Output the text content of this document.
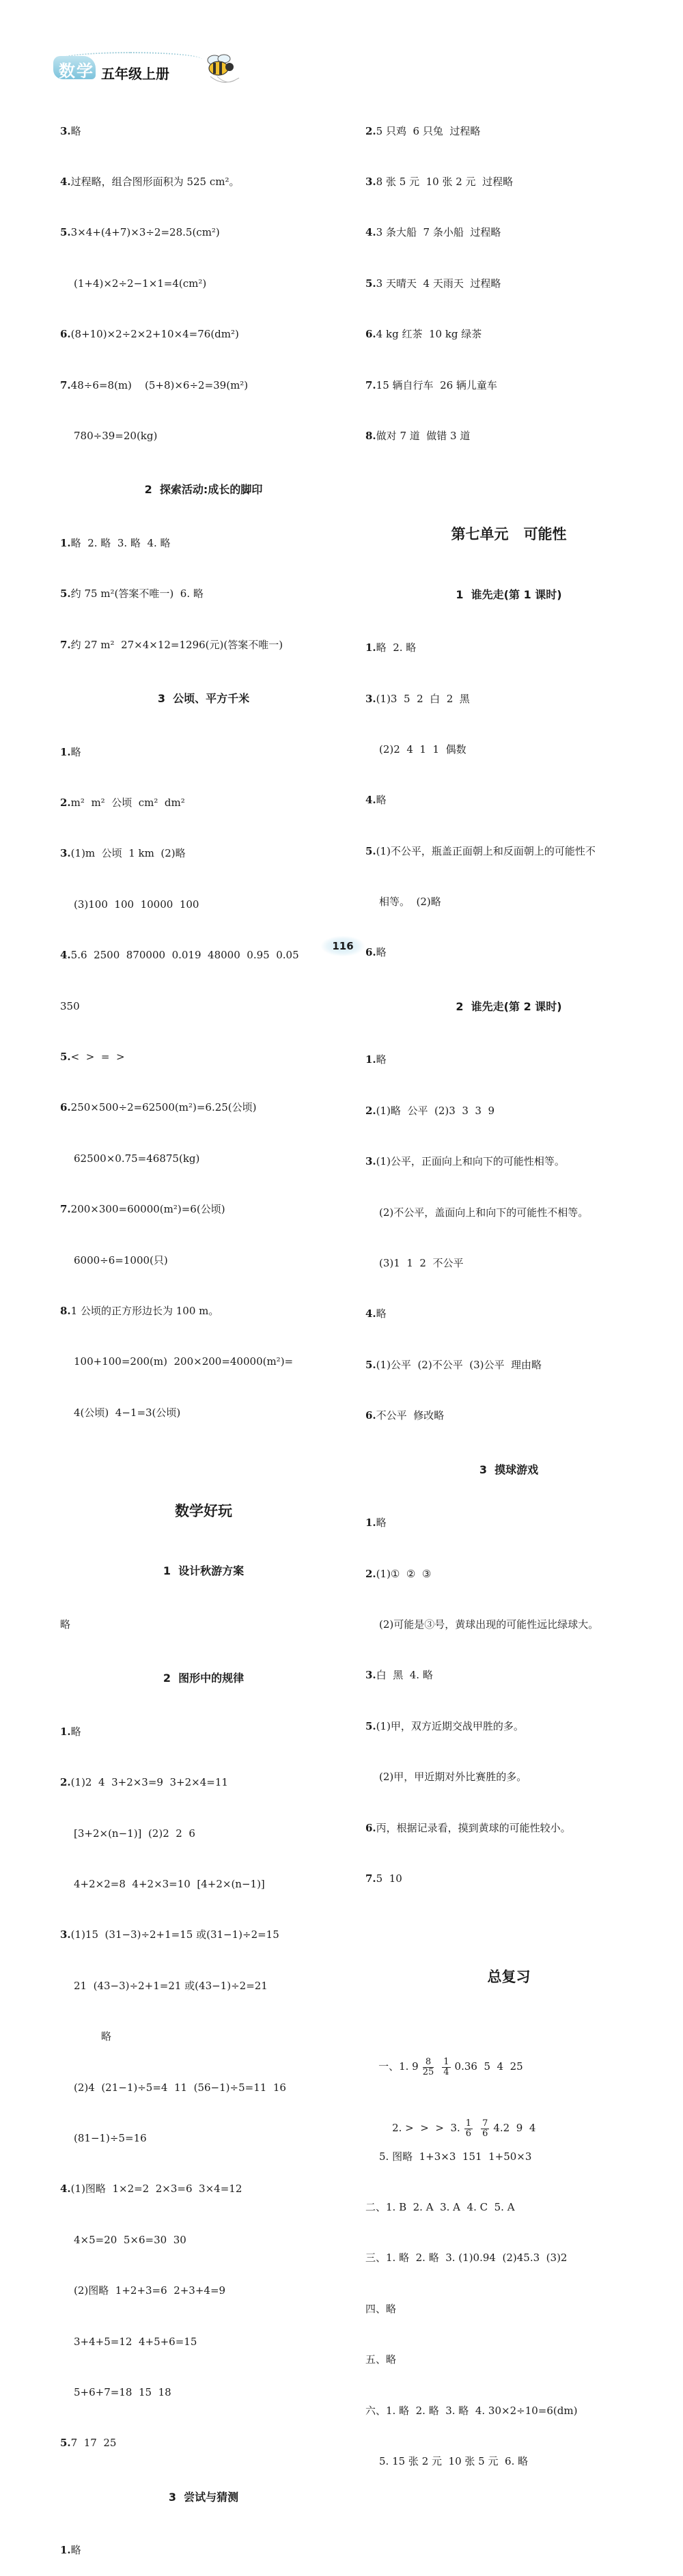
数 学 五年级上册

3.略

4.过程略，组合图形面积为 525 cm²。

5.3×4+(4+7)×3÷2=28.5(cm²)

(1+4)×2÷2−1×1=4(cm²)

6.(8+10)×2÷2×2+10×4=76(dm²)

7.48÷6=8(m)    (5+8)×6÷2=39(m²)

780÷39=20(kg)

2  探索活动:成长的脚印

1.略  2. 略  3. 略  4. 略

5.约 75 m²(答案不唯一)  6. 略

7.约 27 m²  27×4×12=1296(元)(答案不唯一)

3  公顷、平方千米

1.略

2.m²  m²  公顷  cm²  dm²

3.(1)m  公顷  1 km  (2)略

(3)100  100  10000  100

4.5.6  2500  870000  0.019  48000  0.95  0.05

350

5.<  >  =  >

6.250×500÷2=62500(m²)=6.25(公顷)

62500×0.75=46875(kg)

7.200×300=60000(m²)=6(公顷)

6000÷6=1000(只)

8.1 公顷的正方形边长为 100 m。

100+100=200(m)  200×200=40000(m²)=

4(公顷)  4−1=3(公顷)

数学好玩

1  设计秋游方案

略

2  图形中的规律

1.略

2.(1)2  4  3+2×3=9  3+2×4=11

[3+2×(n−1)]  (2)2  2  6

4+2×2=8  4+2×3=10  [4+2×(n−1)]

3.(1)15  (31−3)÷2+1=15 或(31−1)÷2=15

21  (43−3)÷2+1=21 或(43−1)÷2=21

略

(2)4  (21−1)÷5=4  11  (56−1)÷5=11  16

(81−1)÷5=16

4.(1)图略  1×2=2  2×3=6  3×4=12

4×5=20  5×6=30  30

(2)图略  1+2+3=6  2+3+4=9

3+4+5=12  4+5+6=15

5+6+7=18  15  18

5.7  17  25

3  尝试与猜测

1.略

2.5 只鸡  6 只兔  过程略

3.8 张 5 元  10 张 2 元  过程略

4.3 条大船  7 条小船  过程略

5.3 天晴天  4 天雨天  过程略

6.4 kg 红茶  10 kg 绿茶

7.15 辆自行车  26 辆儿童车

8.做对 7 道  做错 3 道

第七单元   可能性

1  谁先走(第 1 课时)

1.略  2. 略

3.(1)3  5  2  白  2  黑

(2)2  4  1  1  偶数

4.略

5.(1)不公平，瓶盖正面朝上和反面朝上的可能性不

相等。  (2)略

6.略

2  谁先走(第 2 课时)

1.略

2.(1)略  公平  (2)3  3  3  9

3.(1)公平，正面向上和向下的可能性相等。

(2)不公平，盖面向上和向下的可能性不相等。

(3)1  1  2  不公平

4.略

5.(1)公平  (2)不公平  (3)公平  理由略

6.不公平  修改略

3  摸球游戏

1.略

2.(1)①  ②  ③

(2)可能是③号，黄球出现的可能性远比绿球大。

3.白  黑  4. 略

5.(1)甲，双方近期交战甲胜的多。

(2)甲，甲近期对外比赛胜的多。

6.丙，根据记录看，摸到黄球的可能性较小。

7.5  10

总复习

一、1. $9 \frac{8}{25} \frac{1}{4} 0.36$  5  4  25

2. >  >  >  3. $\frac{1}{6} \frac{7}{6} 4.2$  9  4

5. 图略  1+3×3  151  1+50×3

二、1. B  2. A  3. A  4. C  5. A

三、1. 略  2. 略  3. (1)0.94  (2)45.3  (3)2

四、略

五、略

六、1. 略  2. 略  3. 略  4. 30×2÷10=6(dm)

5. 15 张 2 元  10 张 5 元  6. 略

116
